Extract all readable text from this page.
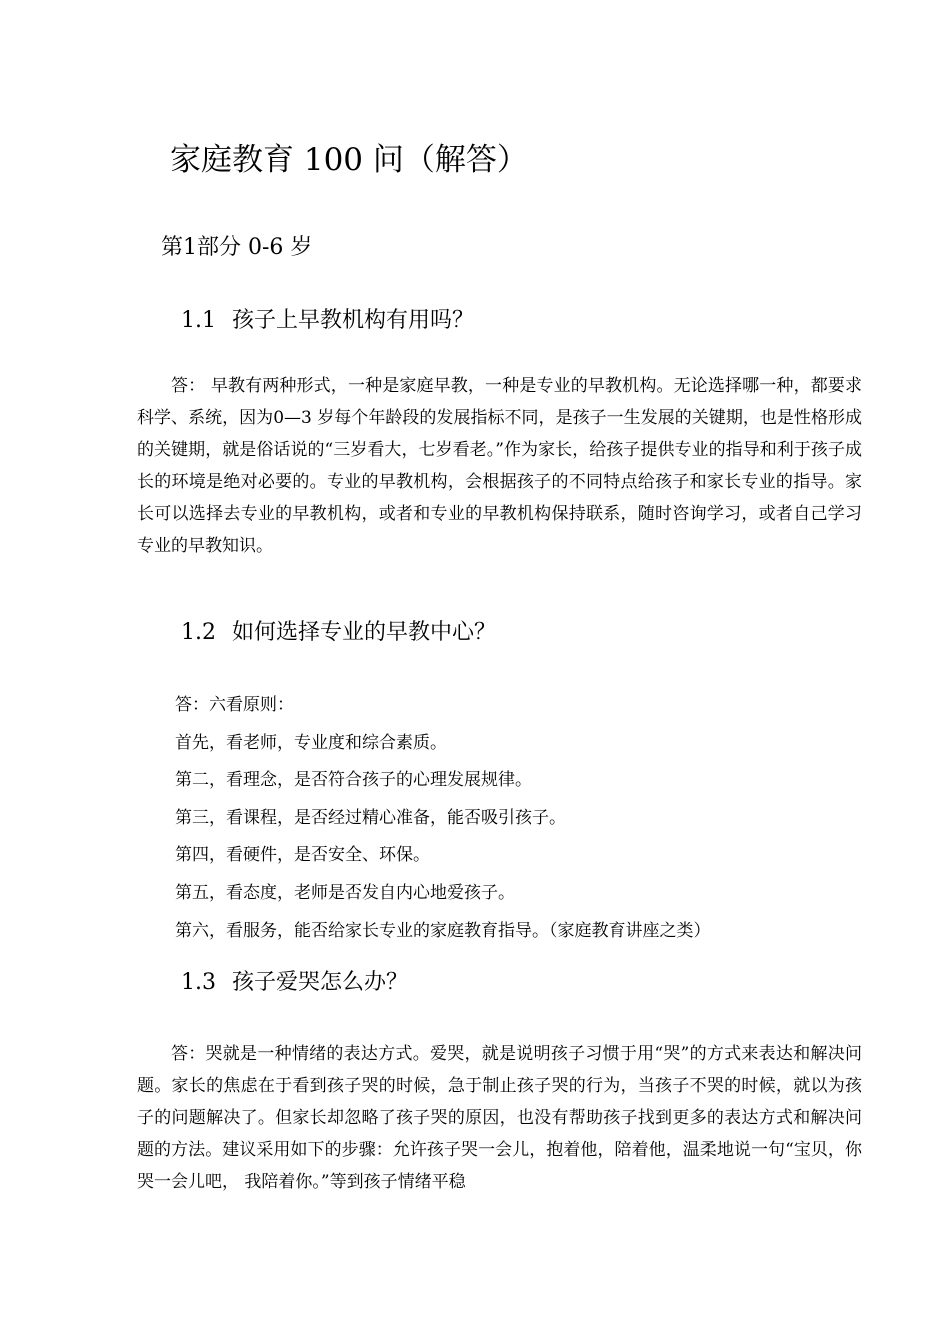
家庭教育 100 问（解答）
第1部分 0-6 岁
1.1 孩子上早教机构有用吗？

答： 早教有两种形式，一种是家庭早教，一种是专业的早教机构。无论选择哪一种，都要求科学、系统，因为0—3 岁每个年龄段的发展指标不同，是孩子一生发展的关键期，也是性格形成的关键期，就是俗话说的“三岁看大，七岁看老。”作为家长，给孩子提供专业的指导和利于孩子成长的环境是绝对必要的。专业的早教机构，会根据孩子的不同特点给孩子和家长专业的指导。家长可以选择去专业的早教机构，或者和专业的早教机构保持联系，随时咨询学习，或者自己学习专业的早教知识。

1.2 如何选择专业的早教中心？
答：六看原则：
首先，看老师，专业度和综合素质。
第二，看理念，是否符合孩子的心理发展规律。
第三，看课程，是否经过精心准备，能否吸引孩子。
第四，看硬件，是否安全、环保。
第五，看态度，老师是否发自内心地爱孩子。
第六，看服务，能否给家长专业的家庭教育指导。（家庭教育讲座之类）
1.3 孩子爱哭怎么办？

答：哭就是一种情绪的表达方式。爱哭，就是说明孩子习惯于用“哭”的方式来表达和解决问题。家长的焦虑在于看到孩子哭的时候，急于制止孩子哭的行为，当孩子不哭的时候，就以为孩子的问题解决了。但家长却忽略了孩子哭的原因，也没有帮助孩子找到更多的表达方式和解决问题的方法。建议采用如下的步骤：允许孩子哭一会儿，抱着他，陪着他，温柔地说一句“宝贝，你哭一会儿吧， 我陪着你。”等到孩子情绪平稳
